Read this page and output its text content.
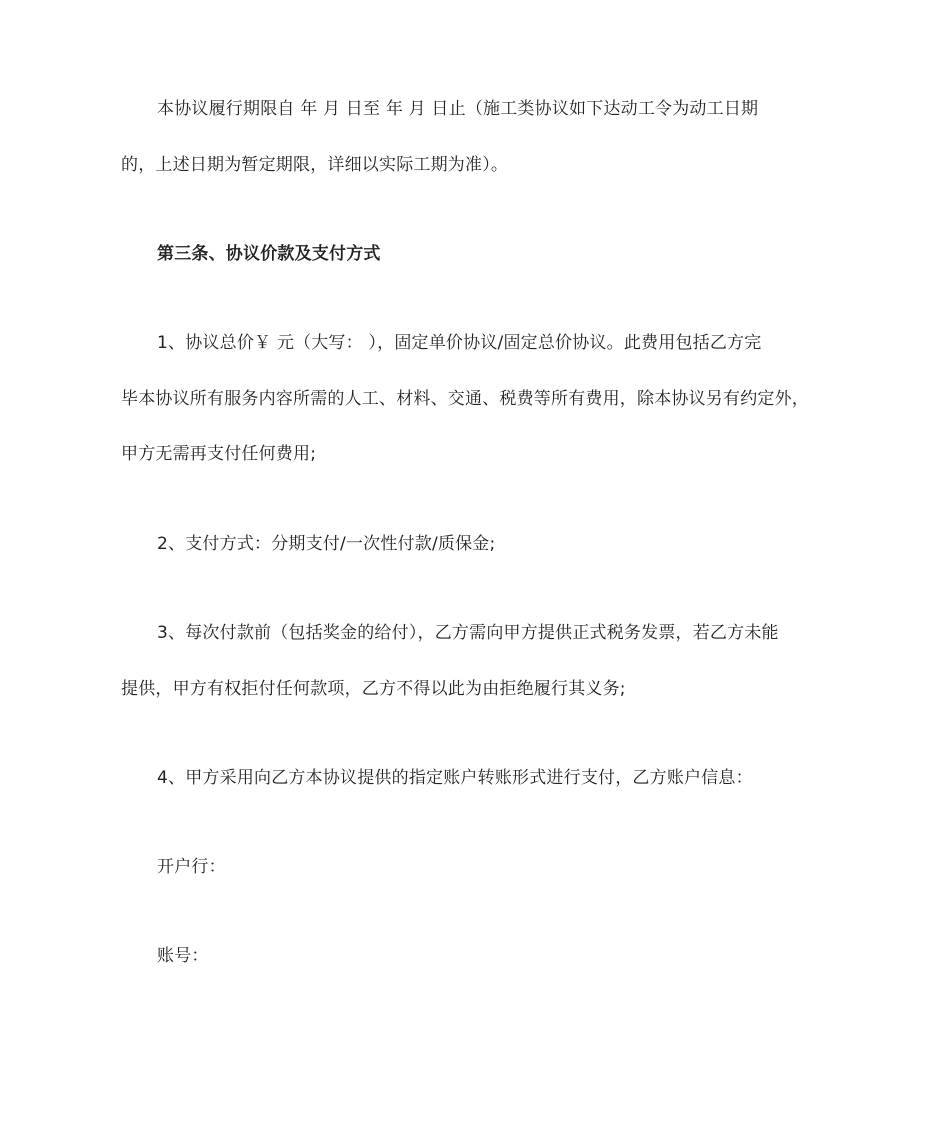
本协议履行期限自 年 月 日至 年 月 日止（施工类协议如下达动工令为动工日期
的，上述日期为暂定期限，详细以实际工期为准）。
第三条、协议价款及支付方式
1、协议总价￥ 元（大写： ），固定单价协议/固定总价协议。此费用包括乙方完
毕本协议所有服务内容所需的人工、材料、交通、税费等所有费用，除本协议另有约定外，
甲方无需再支付任何费用;
2、支付方式：分期支付/一次性付款/质保金;
3、每次付款前（包括奖金的给付），乙方需向甲方提供正式税务发票，若乙方未能
提供，甲方有权拒付任何款项，乙方不得以此为由拒绝履行其义务;
4、甲方采用向乙方本协议提供的指定账户转账形式进行支付，乙方账户信息：
开户行：
账号：
